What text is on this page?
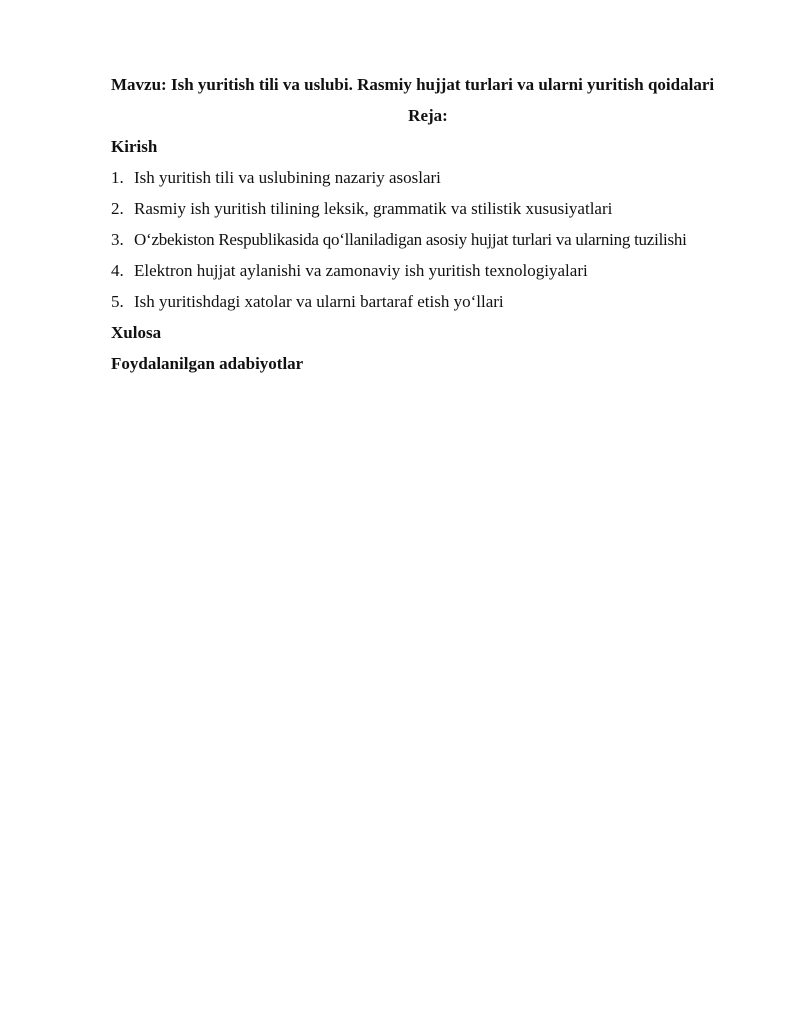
Mavzu: Ish yuritish tili va uslubi. Rasmiy hujjat turlari va ularni yuritish qoidalari

Reja:

Kirish

1. Ish yuritish tili va uslubining nazariy asoslari
2. Rasmiy ish yuritish tilining leksik, grammatik va stilistik xususiyatlari
3. O‘zbekiston Respublikasida qo‘llaniladigan asosiy hujjat turlari va ularning tuzilishi
4. Elektron hujjat aylanishi va zamonaviy ish yuritish texnologiyalari
5. Ish yuritishdagi xatolar va ularni bartaraf etish yo‘llari

Xulosa

Foydalanilgan adabiyotlar
